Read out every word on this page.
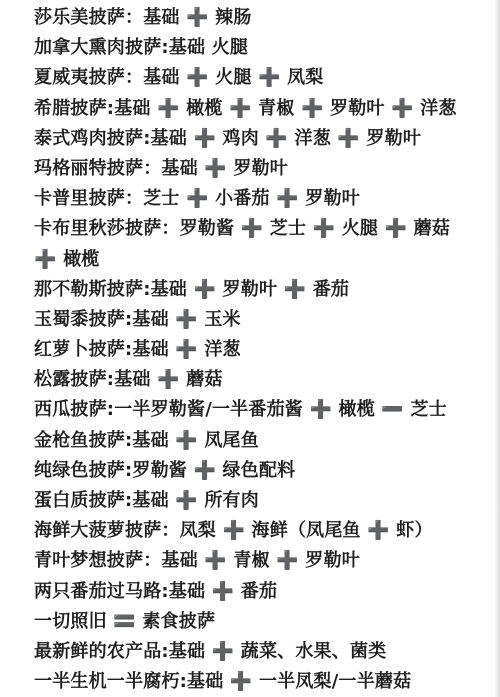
莎乐美披萨：基础 ➕ 辣肠
加拿大熏肉披萨:基础 火腿
夏威夷披萨：基础 ➕ 火腿 ➕ 凤梨
希腊披萨:基础 ➕ 橄榄 ➕ 青椒 ➕ 罗勒叶 ➕ 洋葱
泰式鸡肉披萨:基础 ➕ 鸡肉 ➕ 洋葱 ➕ 罗勒叶
玛格丽特披萨：基础 ➕ 罗勒叶
卡普里披萨：芝士 ➕ 小番茄 ➕ 罗勒叶
卡布里秋莎披萨：罗勒酱 ➕ 芝士 ➕ 火腿 ➕ 蘑菇
➕ 橄榄
那不勒斯披萨:基础 ➕ 罗勒叶 ➕ 番茄
玉蜀黍披萨:基础 ➕ 玉米
红萝卜披萨:基础 ➕ 洋葱
松露披萨:基础 ➕ 蘑菇
西瓜披萨:一半罗勒酱/一半番茄酱 ➕ 橄榄 ➖ 芝士
金枪鱼披萨:基础 ➕ 凤尾鱼
纯绿色披萨:罗勒酱 ➕ 绿色配料
蛋白质披萨:基础 ➕ 所有肉
海鲜大菠萝披萨：凤梨 ➕ 海鲜（凤尾鱼 ➕ 虾）
青叶梦想披萨：基础 ➕ 青椒 ➕ 罗勒叶
两只番茄过马路:基础 ➕ 番茄
一切照旧 🟰 素食披萨
最新鲜的农产品:基础 ➕ 蔬菜、水果、菌类
一半生机一半腐朽:基础 ➕ 一半凤梨/一半蘑菇
